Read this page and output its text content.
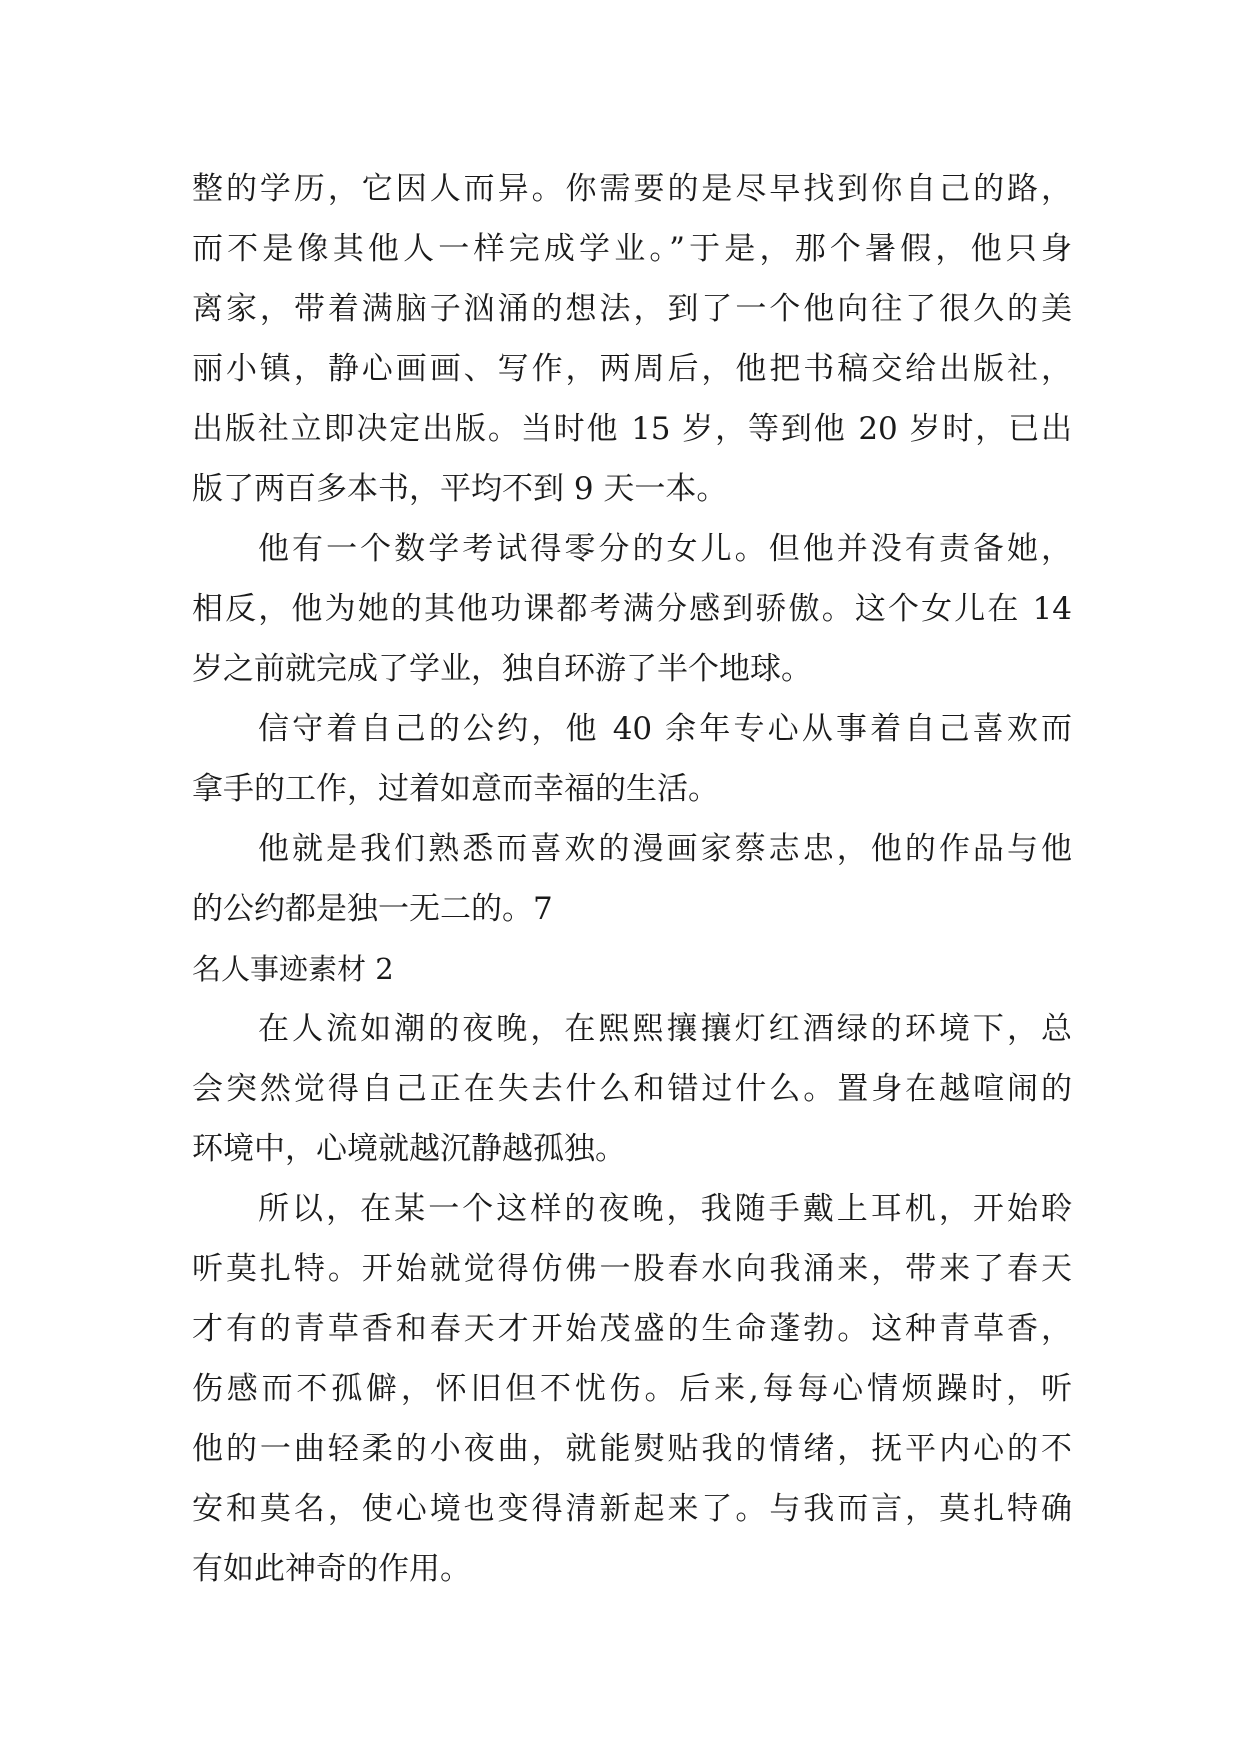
整的学历，它因人而异。你需要的是尽早找到你自己的路，
而不是像其他人一样完成学业。”于是，那个暑假，他只身
离家，带着满脑子汹涌的想法，到了一个他向往了很久的美
丽小镇，静心画画、写作，两周后，他把书稿交给出版社，
出版社立即决定出版。当时他 15 岁，等到他 20 岁时，已出
版了两百多本书，平均不到 9 天一本。
他有一个数学考试得零分的女儿。但他并没有责备她，
相反，他为她的其他功课都考满分感到骄傲。这个女儿在 14
岁之前就完成了学业，独自环游了半个地球。
信守着自己的公约，他 40 余年专心从事着自己喜欢而
拿手的工作，过着如意而幸福的生活。
他就是我们熟悉而喜欢的漫画家蔡志忠，他的作品与他
的公约都是独一无二的。7
名人事迹素材 2
在人流如潮的夜晚，在熙熙攘攘灯红酒绿的环境下，总
会突然觉得自己正在失去什么和错过什么。置身在越喧闹的
环境中，心境就越沉静越孤独。
所以，在某一个这样的夜晚，我随手戴上耳机，开始聆
听莫扎特。开始就觉得仿佛一股春水向我涌来，带来了春天
才有的青草香和春天才开始茂盛的生命蓬勃。这种青草香，
伤感而不孤僻，怀旧但不忧伤。后来,每每心情烦躁时，听
他的一曲轻柔的小夜曲，就能熨贴我的情绪，抚平内心的不
安和莫名，使心境也变得清新起来了。与我而言，莫扎特确
有如此神奇的作用。
